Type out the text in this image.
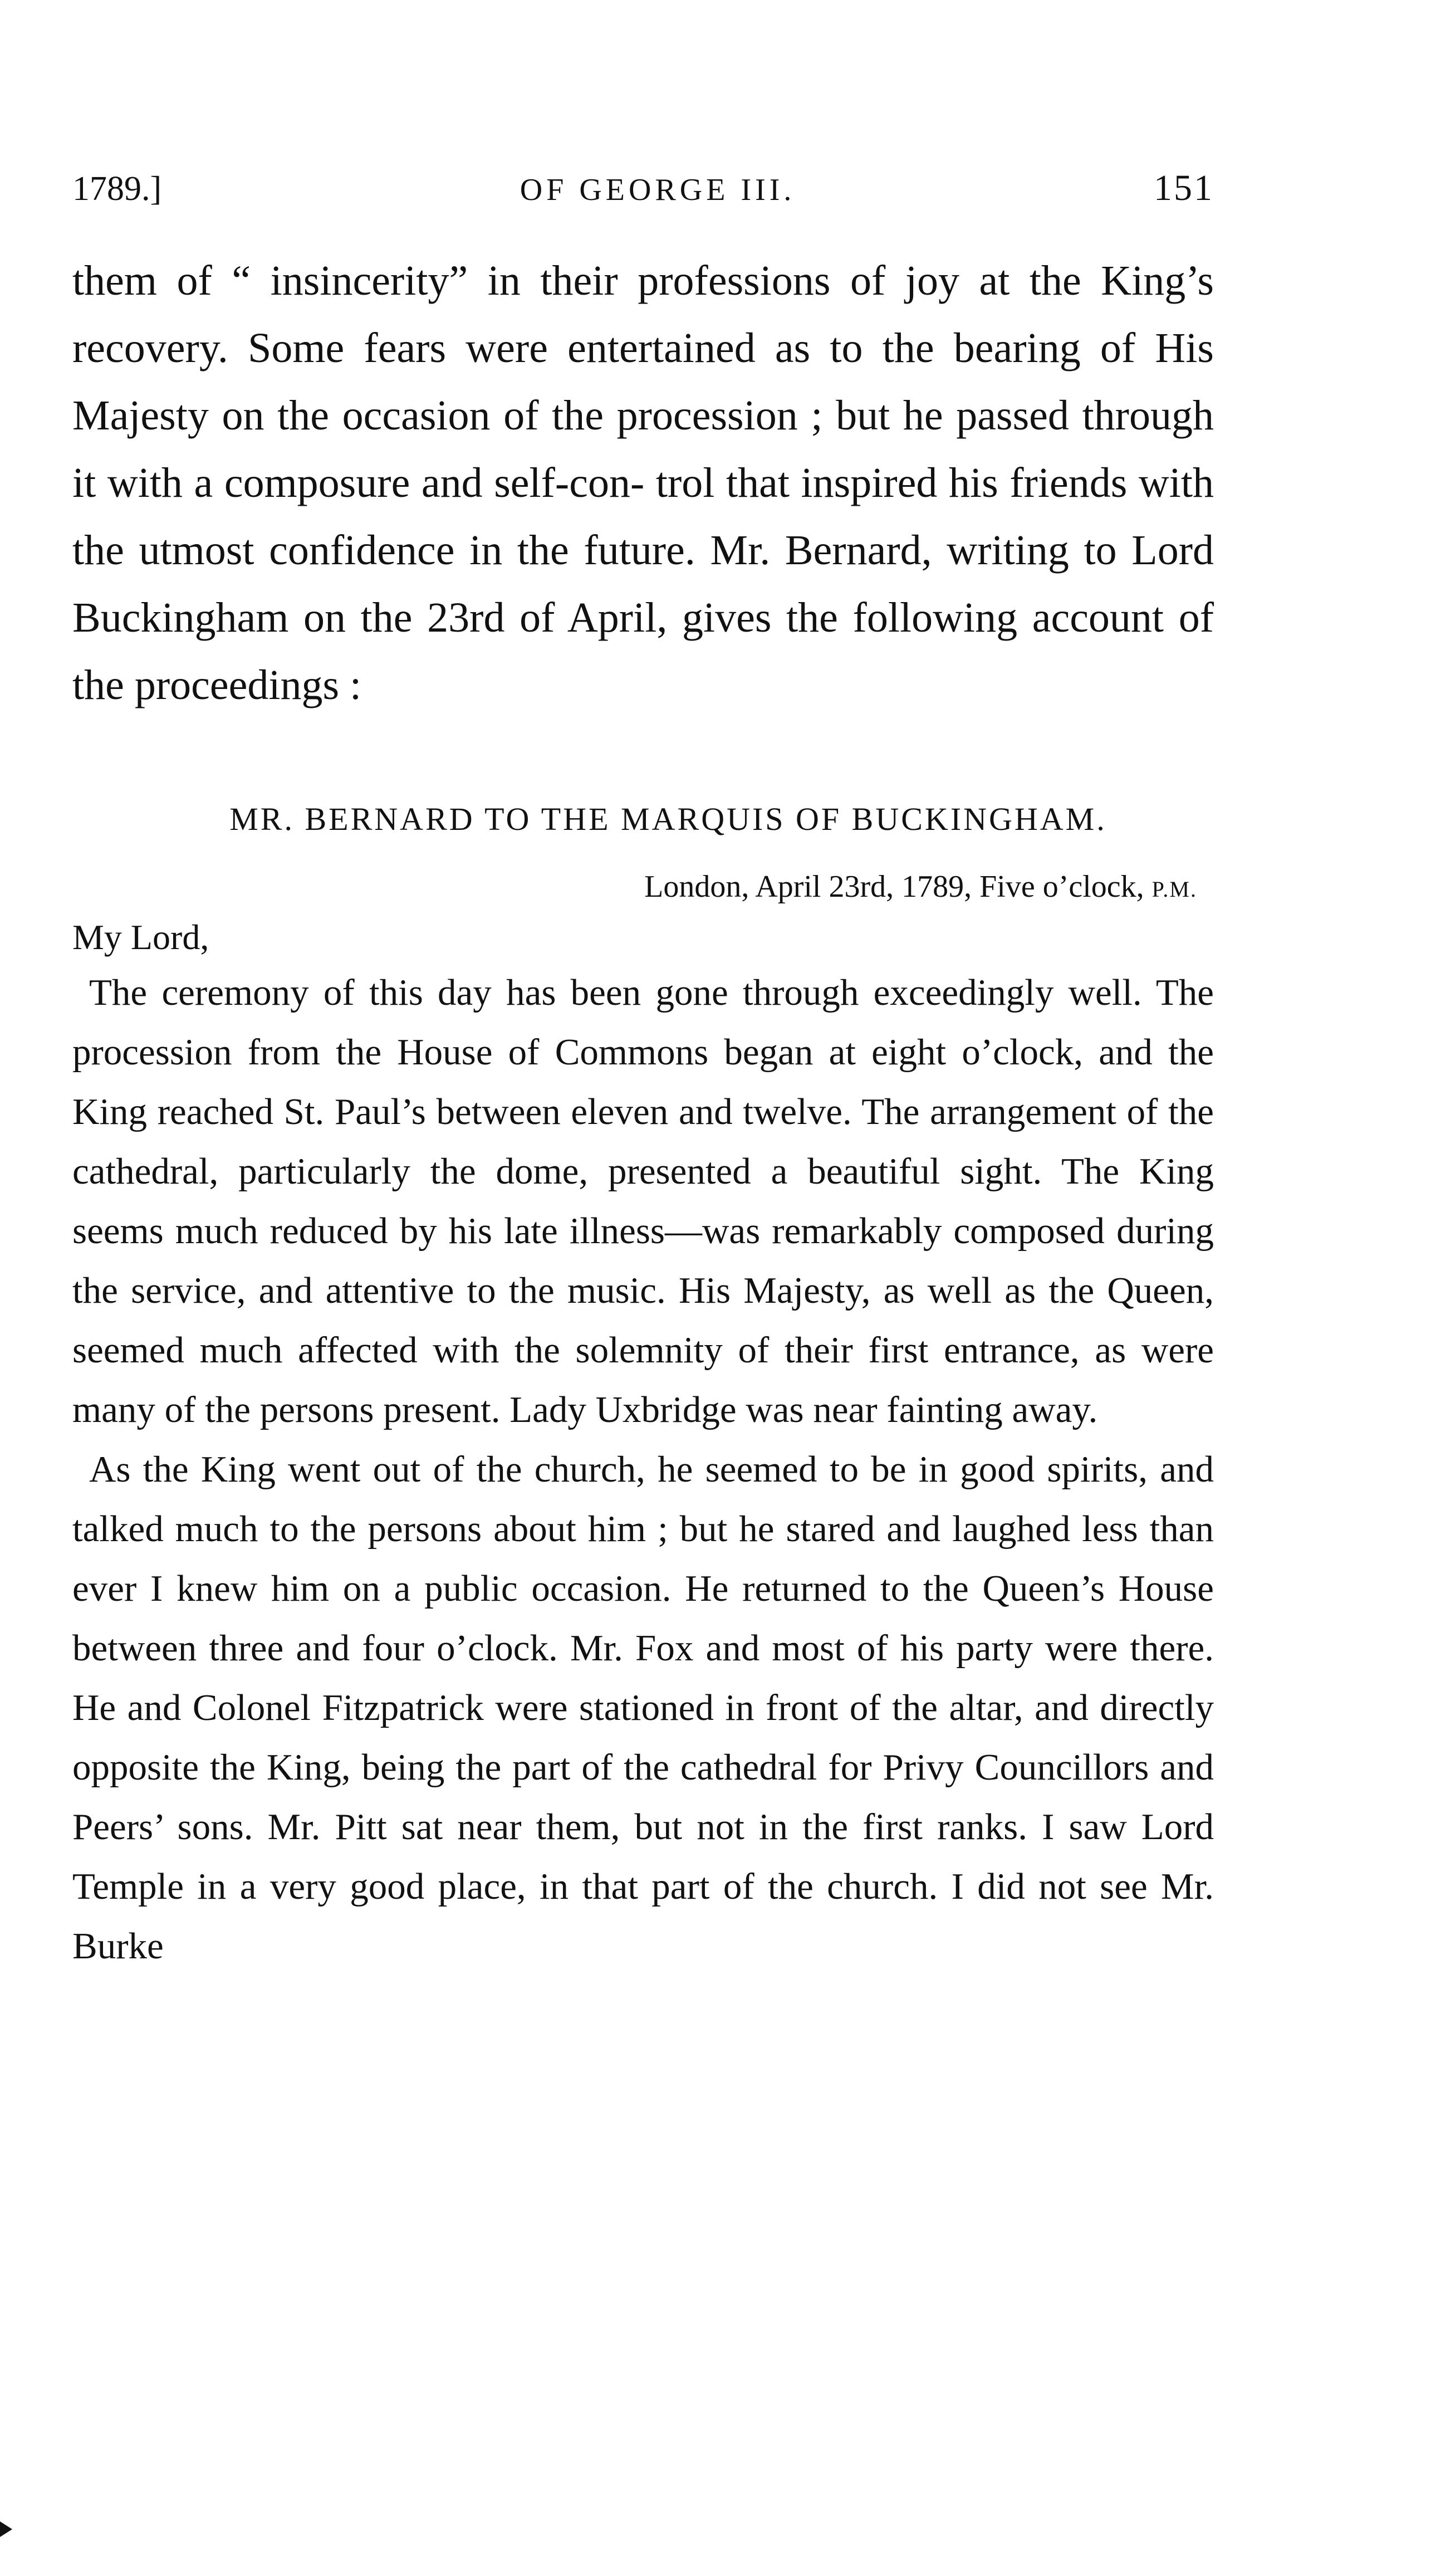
1789.]	OF GEORGE III.	151

them of “ insincerity” in their professions of joy at the King’s recovery. Some fears were entertained as to the bearing of His Majesty on the occasion of the procession ; but he passed through it with a composure and self-con- trol that inspired his friends with the utmost confidence in the future. Mr. Bernard, writing to Lord Buckingham on the 23rd of April, gives the following account of the proceedings :

MR. BERNARD TO THE MARQUIS OF BUCKINGHAM.
London, April 23rd, 1789, Five o’clock, P.M.

My Lord,

The ceremony of this day has been gone through exceedingly well. The procession from the House of Commons began at eight o’clock, and the King reached St. Paul’s between eleven and twelve. The arrangement of the cathedral, particularly the dome, presented a beautiful sight. The King seems much reduced by his late illness—was remarkably composed during the service, and attentive to the music. His Majesty, as well as the Queen, seemed much affected with the solemnity of their first entrance, as were many of the persons present. Lady Uxbridge was near fainting away.

As the King went out of the church, he seemed to be in good spirits, and talked much to the persons about him ; but he stared and laughed less than ever I knew him on a public occasion. He returned to the Queen’s House between three and four o’clock. Mr. Fox and most of his party were there. He and Colonel Fitzpatrick were stationed in front of the altar, and directly opposite the King, being the part of the cathedral for Privy Councillors and Peers’ sons. Mr. Pitt sat near them, but not in the first ranks. I saw Lord Temple in a very good place, in that part of the church. I did not see Mr. Burke
